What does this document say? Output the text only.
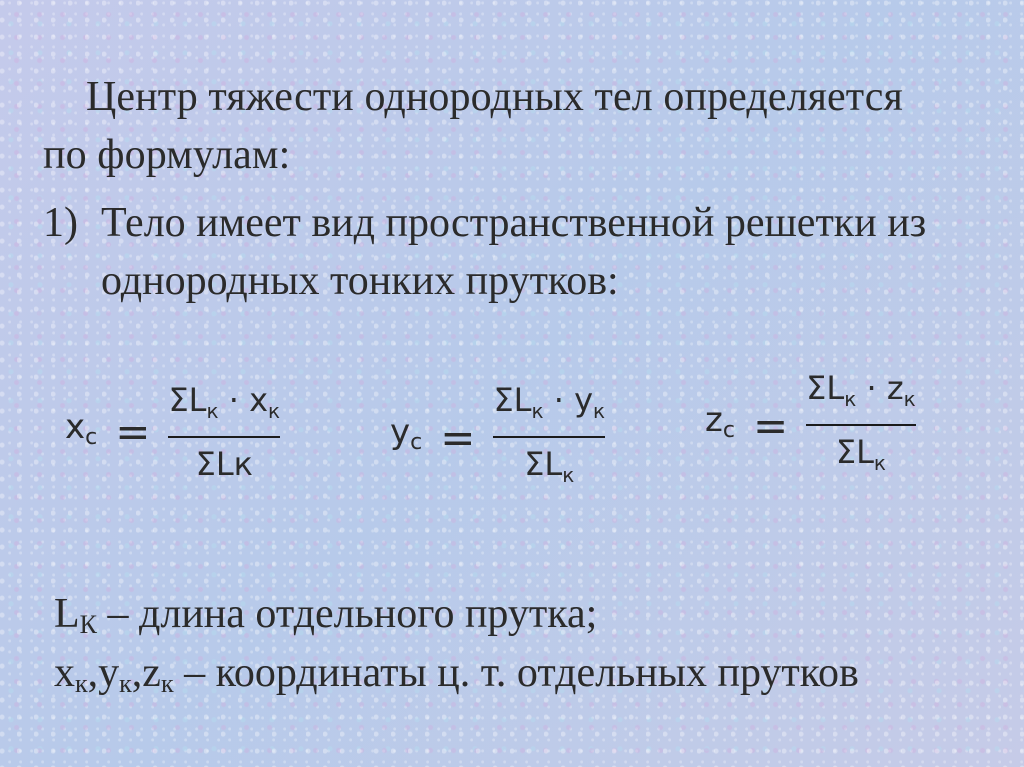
Центр тяжести однородных тел определяется
по формулам:
1) Тело имеет вид пространственной решетки из однородных тонких прутков:
$x_c = \frac{\Sigma L_к \cdot x_к}{\text{ΣLк}}$	$y_c = \frac{\Sigma L_к \cdot y_к}{\Sigma L_к}$	$z_c = \frac{\Sigma L_к \cdot z_к}{\Sigma L_к}$
$L_К$ – длина отдельного прутка;
$x_к,y_к,z_к$ – координаты ц. т. отдельных прутков
